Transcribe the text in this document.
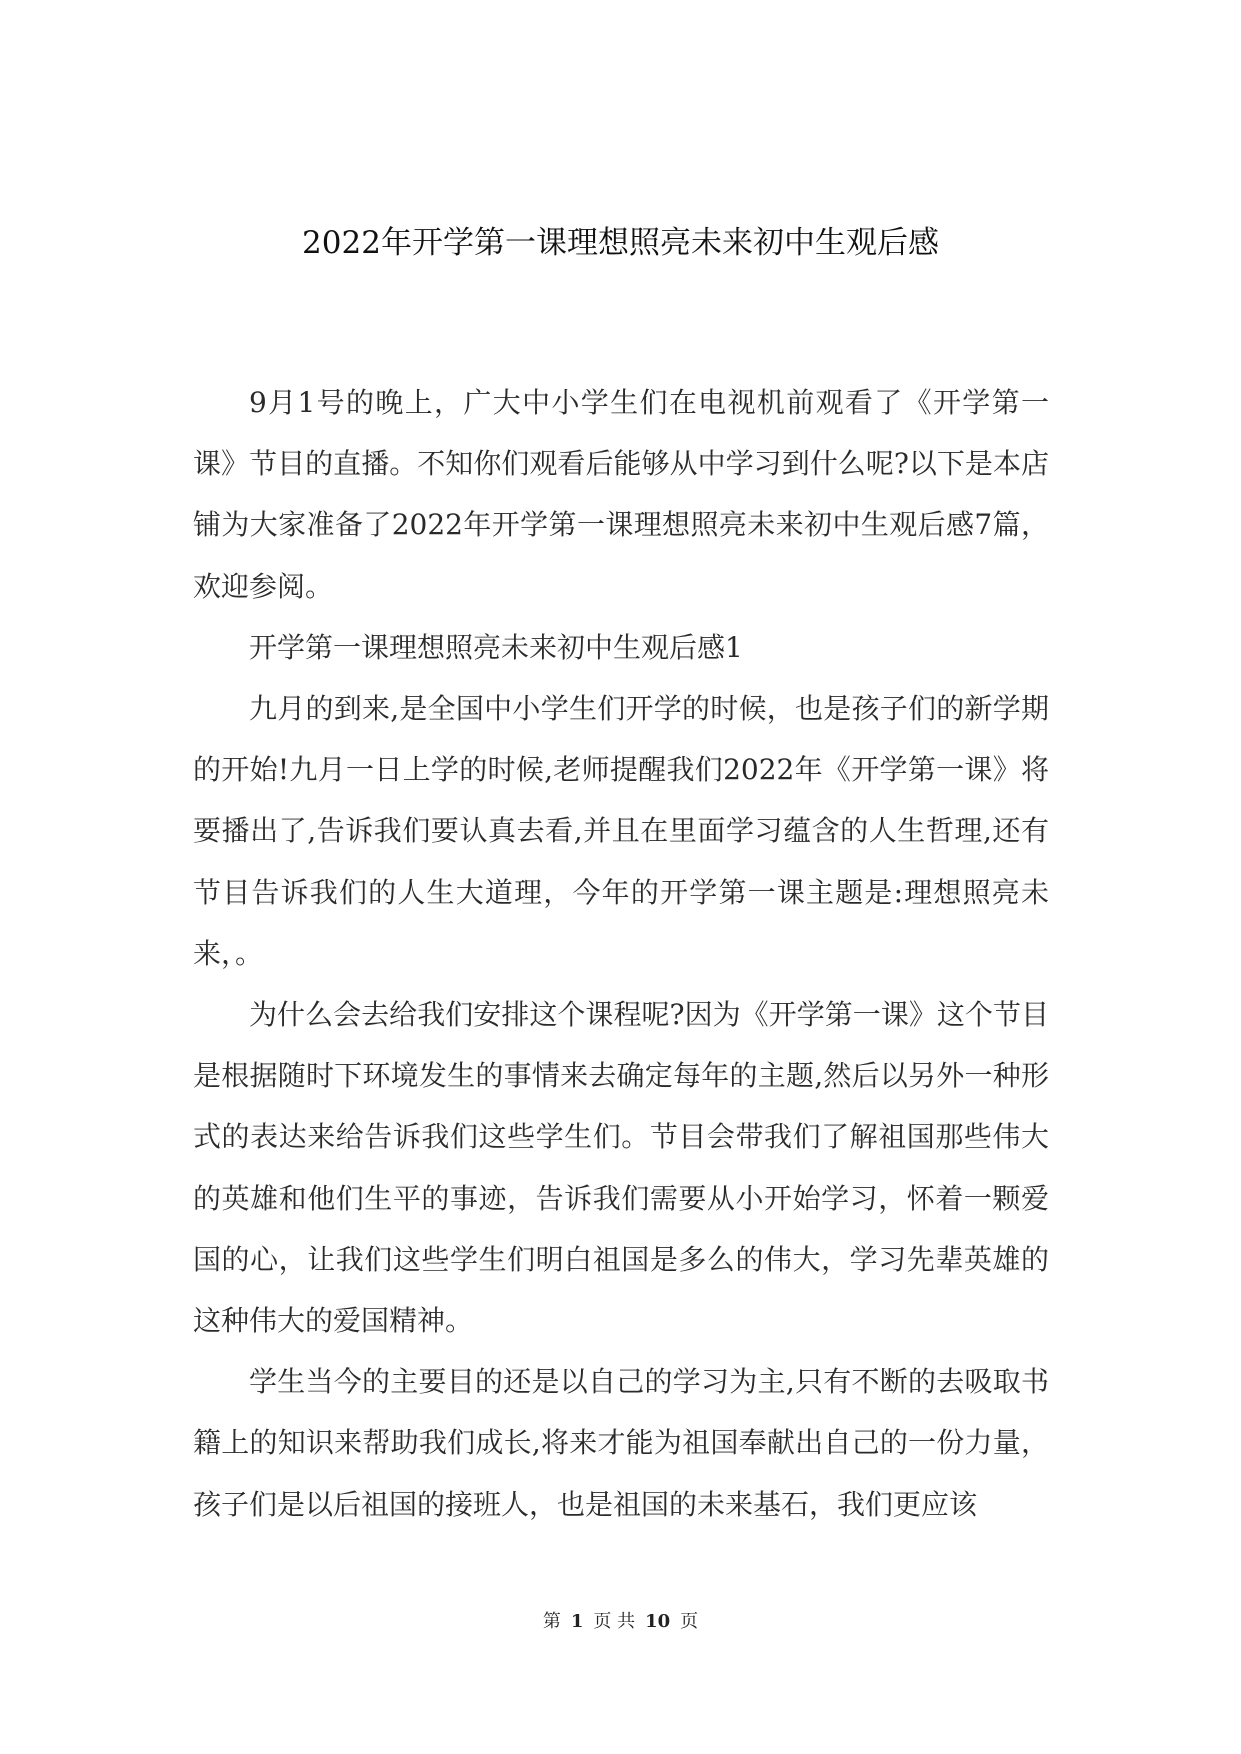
2022年开学第一课理想照亮未来初中生观后感

9月1号的晚上，广大中小学生们在电视机前观看了《开学第一课》节目的直播。不知你们观看后能够从中学习到什么呢?以下是本店铺为大家准备了2022年开学第一课理想照亮未来初中生观后感7篇，欢迎参阅。

开学第一课理想照亮未来初中生观后感1

九月的到来,是全国中小学生们开学的时候，也是孩子们的新学期的开始!九月一日上学的时候,老师提醒我们2022年《开学第一课》将要播出了,告诉我们要认真去看,并且在里面学习蕴含的人生哲理,还有节目告诉我们的人生大道理，今年的开学第一课主题是:理想照亮未来，。

为什么会去给我们安排这个课程呢?因为《开学第一课》这个节目是根据随时下环境发生的事情来去确定每年的主题,然后以另外一种形式的表达来给告诉我们这些学生们。节目会带我们了解祖国那些伟大的英雄和他们生平的事迹，告诉我们需要从小开始学习，怀着一颗爱国的心，让我们这些学生们明白祖国是多么的伟大，学习先辈英雄的这种伟大的爱国精神。

学生当今的主要目的还是以自己的学习为主,只有不断的去吸取书籍上的知识来帮助我们成长,将来才能为祖国奉献出自己的一份力量，孩子们是以后祖国的接班人，也是祖国的未来基石，我们更应该

第 1 页 共 10 页
